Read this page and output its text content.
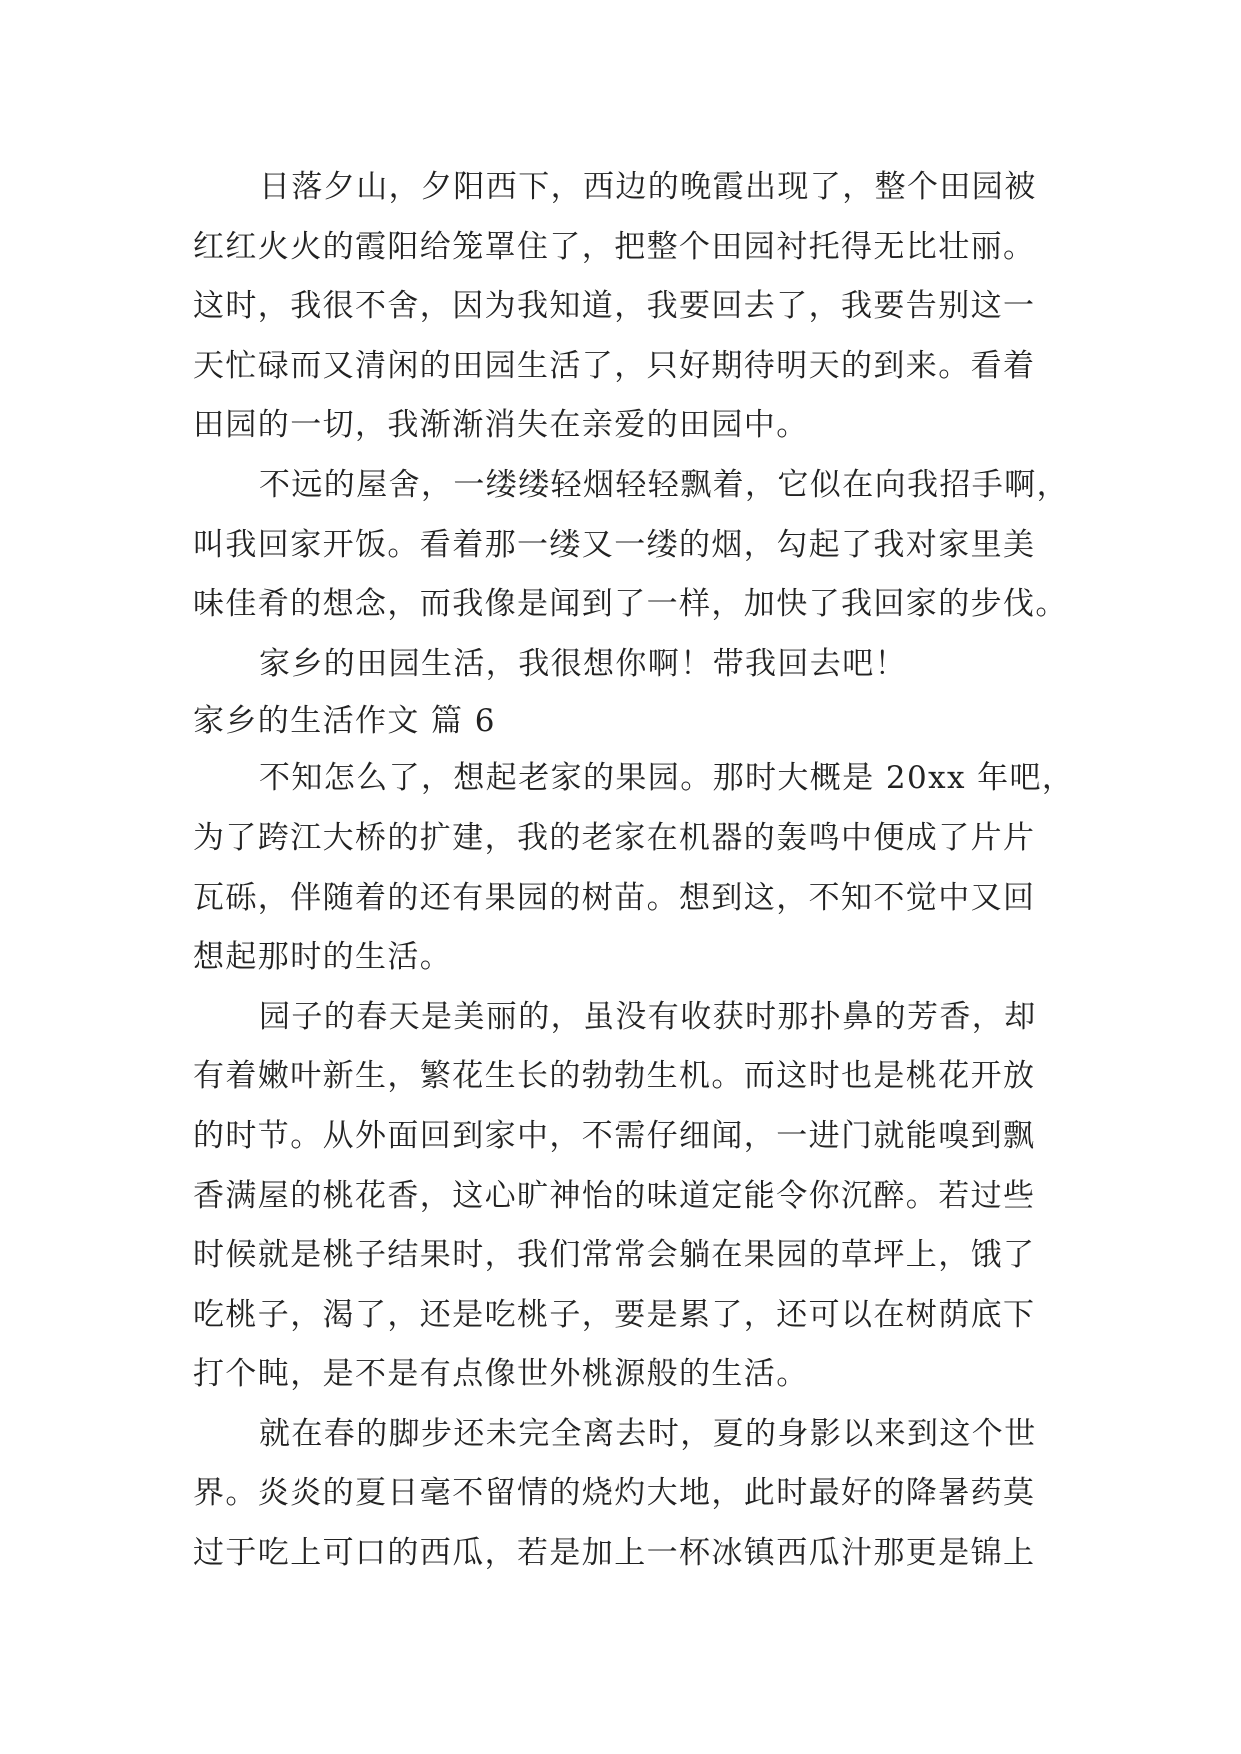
日落夕山，夕阳西下，西边的晚霞出现了，整个田园被
红红火火的霞阳给笼罩住了，把整个田园衬托得无比壮丽。
这时，我很不舍，因为我知道，我要回去了，我要告别这一
天忙碌而又清闲的田园生活了，只好期待明天的到来。看着
田园的一切，我渐渐消失在亲爱的田园中。
不远的屋舍，一缕缕轻烟轻轻飘着，它似在向我招手啊，
叫我回家开饭。看着那一缕又一缕的烟，勾起了我对家里美
味佳肴的想念，而我像是闻到了一样，加快了我回家的步伐。
家乡的田园生活，我很想你啊！带我回去吧！
家乡的生活作文 篇 6
不知怎么了，想起老家的果园。那时大概是 20xx 年吧，
为了跨江大桥的扩建，我的老家在机器的轰鸣中便成了片片
瓦砾，伴随着的还有果园的树苗。想到这，不知不觉中又回
想起那时的生活。
园子的春天是美丽的，虽没有收获时那扑鼻的芳香，却
有着嫩叶新生，繁花生长的勃勃生机。而这时也是桃花开放
的时节。从外面回到家中，不需仔细闻，一进门就能嗅到飘
香满屋的桃花香，这心旷神怡的味道定能令你沉醉。若过些
时候就是桃子结果时，我们常常会躺在果园的草坪上，饿了
吃桃子，渴了，还是吃桃子，要是累了，还可以在树荫底下
打个盹，是不是有点像世外桃源般的生活。
就在春的脚步还未完全离去时，夏的身影以来到这个世
界。炎炎的夏日毫不留情的烧灼大地，此时最好的降暑药莫
过于吃上可口的西瓜，若是加上一杯冰镇西瓜汁那更是锦上
